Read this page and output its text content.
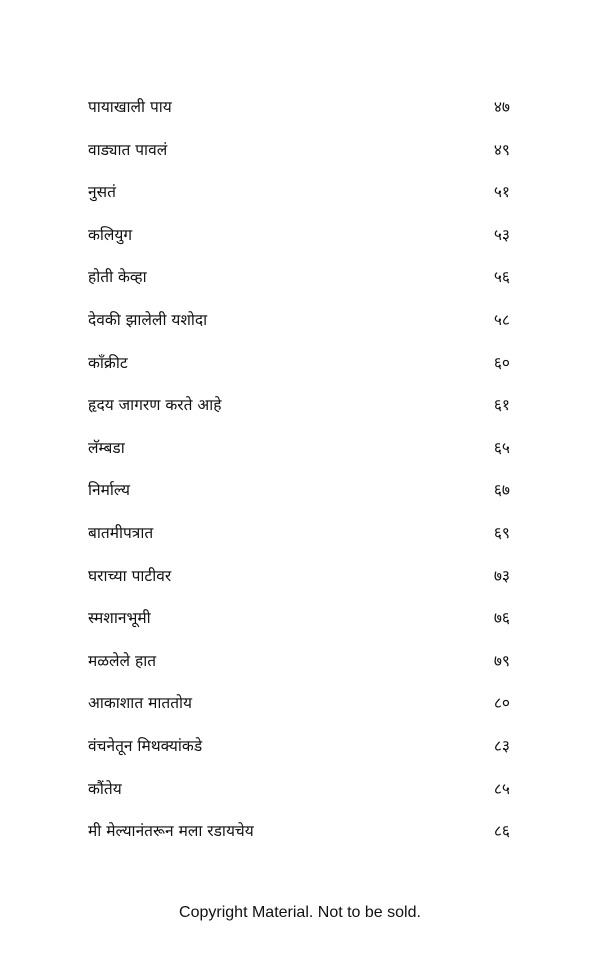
पायाखाली पाय	४७
वाड्यात पावलं	४९
नुसतं	५१
कलियुग	५३
होती केव्हा	५६
देवकी झालेली यशोदा	५८
काँक्रीट	६०
हृदय जागरण करते आहे	६१
लॅम्बडा	६५
निर्माल्य	६७
बातमीपत्रात	६९
घराच्या पाटीवर	७३
स्मशानभूमी	७६
मळलेले हात	७९
आकाशात माततोय	८०
वंचनेतून मिथक्यांकडे	८३
कौंतेय	८५
मी मेल्यानंतरून मला रडायचेय	८६
Copyright Material. Not to be sold.
